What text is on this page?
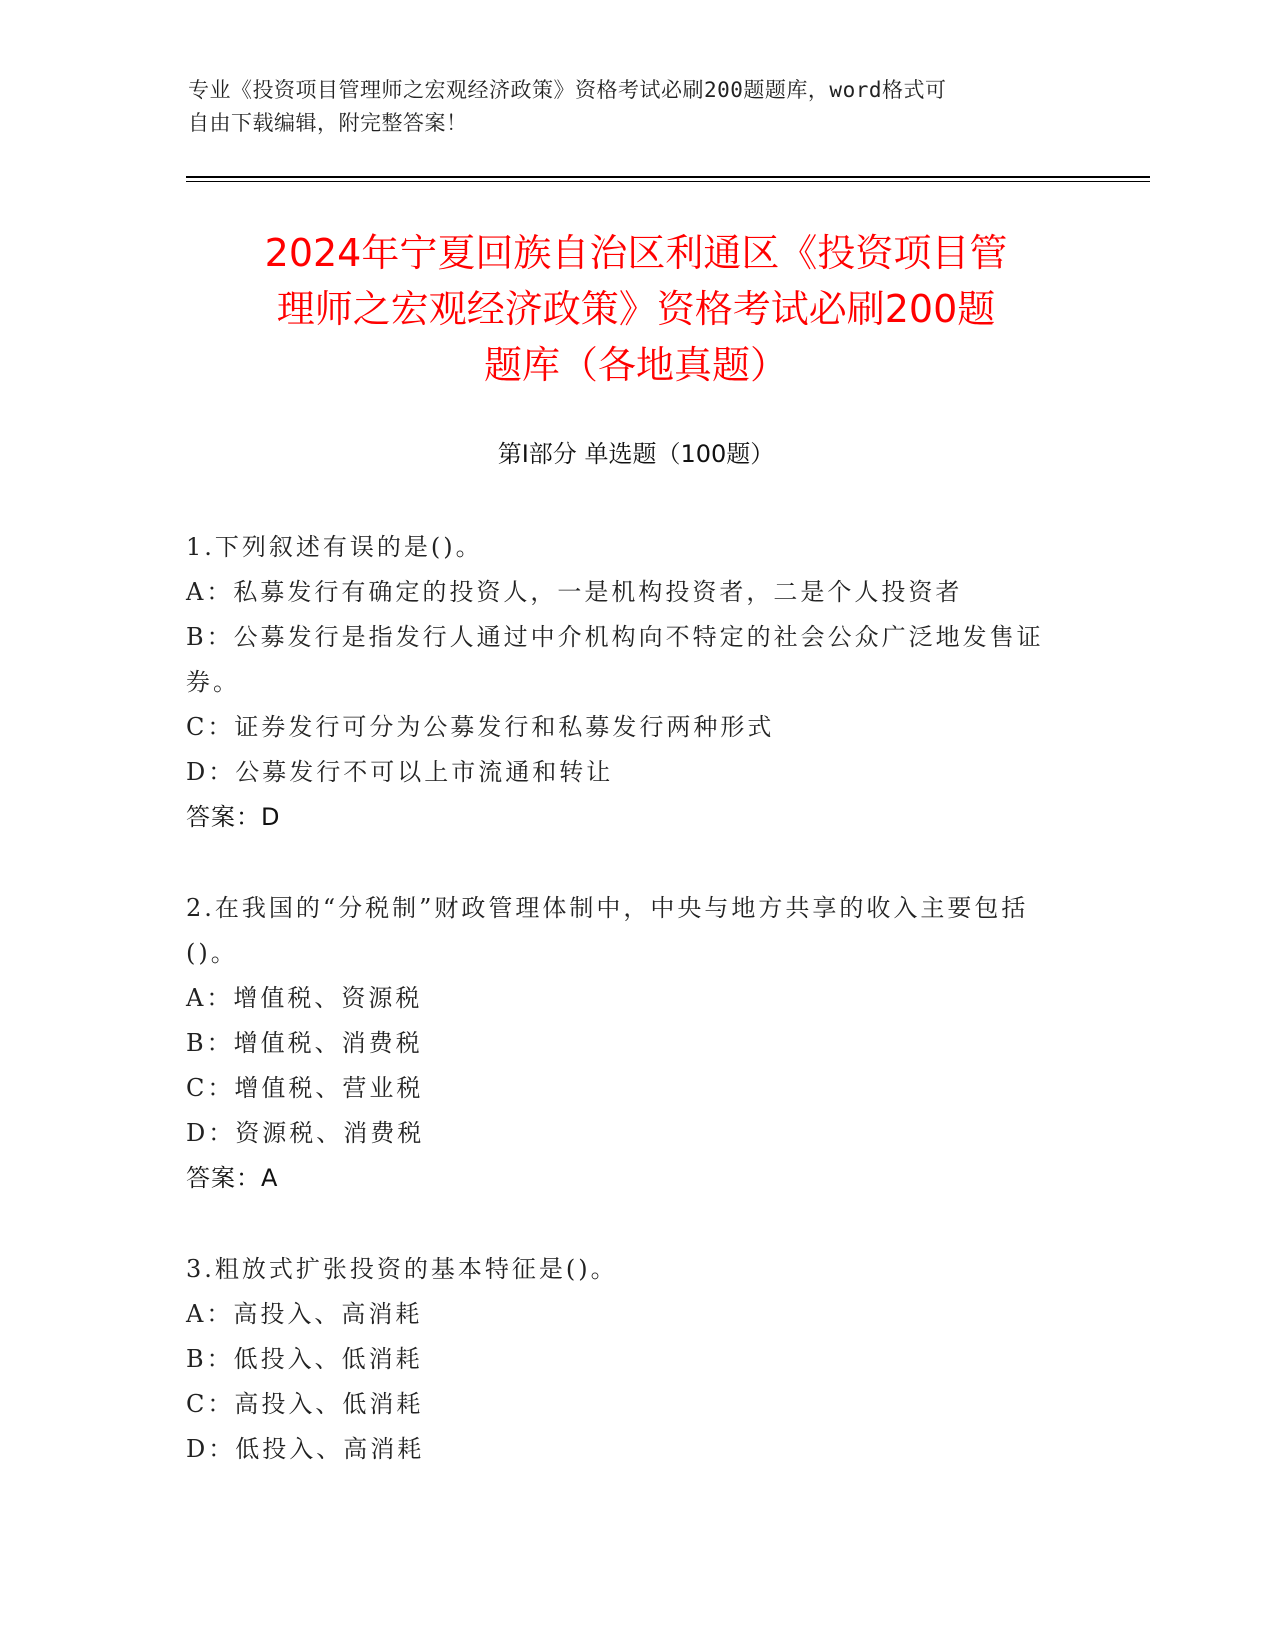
专业《投资项目管理师之宏观经济政策》资格考试必刷200题题库，word格式可
自由下载编辑，附完整答案！
2024年宁夏回族自治区利通区《投资项目管
理师之宏观经济政策》资格考试必刷200题
题库（各地真题）
第Ⅰ部分 单选题（100题）
1.下列叙述有误的是()。
A：私募发行有确定的投资人，一是机构投资者，二是个人投资者
B：公募发行是指发行人通过中介机构向不特定的社会公众广泛地发售证券。
C：证券发行可分为公募发行和私募发行两种形式
D：公募发行不可以上市流通和转让
答案：D
2.在我国的“分税制”财政管理体制中，中央与地方共享的收入主要包括()。
A：增值税、资源税
B：增值税、消费税
C：增值税、营业税
D：资源税、消费税
答案：A
3.粗放式扩张投资的基本特征是()。
A：高投入、高消耗
B：低投入、低消耗
C：高投入、低消耗
D：低投入、高消耗
